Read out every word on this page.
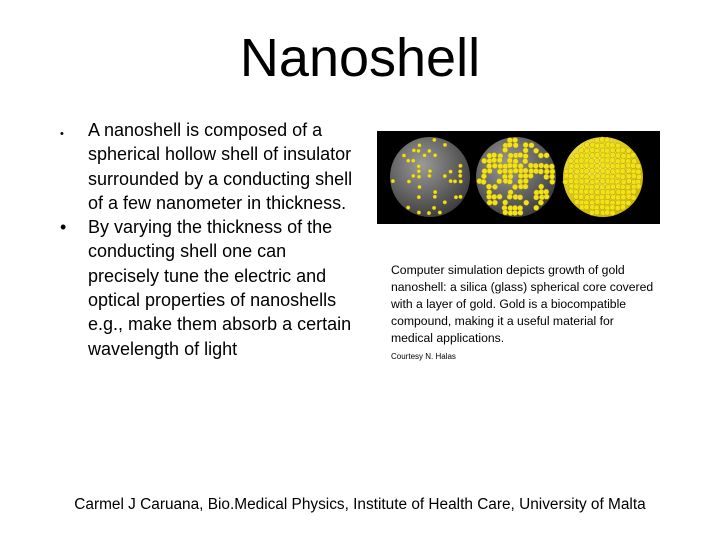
Nanoshell
• A nanoshell is composed of a spherical hollow shell of insulator surrounded by a conducting shell of a few nanometer in thickness.
• By varying the thickness of the conducting shell one can precisely tune the electric and optical properties of nanoshells e.g., make them absorb a certain wavelength of light
Computer simulation depicts growth of gold nanoshell: a silica (glass) spherical core covered with a layer of gold. Gold is a biocompatible compound, making it a useful material for medical applications.
Courtesy N. Halas
Carmel J Caruana, Bio.Medical Physics, Institute of Health Care, University of Malta
